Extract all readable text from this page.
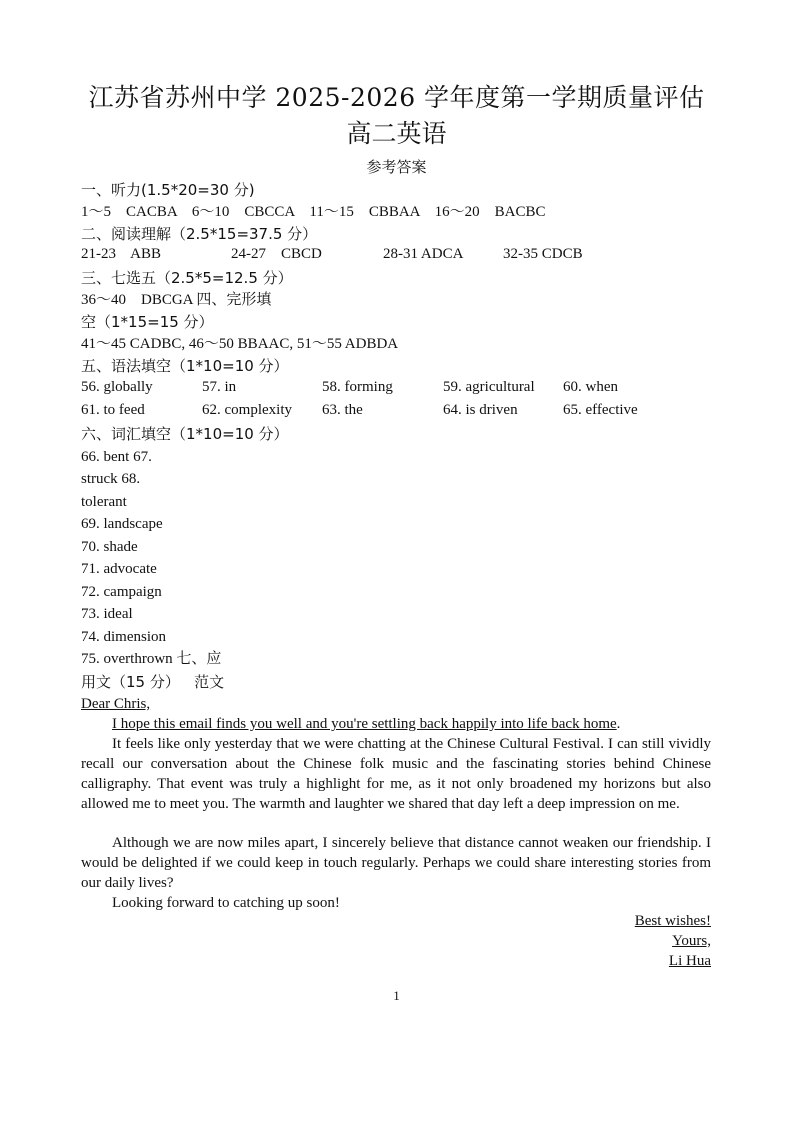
江苏省苏州中学 2025-2026 学年度第一学期质量评估
高二英语
参考答案
一、听力(1.5*20=30 分)
1～5    CACBA    6～10    CBCCA    11～15    CBBAA    16～20    BACBC
二、阅读理解（2.5*15=37.5 分）
21-23    ABB	24-27    CBCD	28-31 ADCA	32-35 CDCB
三、七选五（2.5*5=12.5 分）
36～40    DBCGA 四、完形填
空（1*15=15 分）
41～45 CADBC, 46～50 BBAAC, 51～55 ADBDA
五、语法填空（1*10=10 分）
56. globally	57. in	58. forming	59. agricultural 60. when
61. to feed	62. complexity 63. the	64. is driven	65. effective
六、词汇填空（1*10=10 分）
66. bent 67.
struck 68.
tolerant
69. landscape
70. shade
71. advocate
72. campaign
73. ideal
74. dimension
75. overthrown 七、应
用文（15 分）   范文
Dear Chris,
I hope this email finds you well and you're settling back happily into life back home.
It feels like only yesterday that we were chatting at the Chinese Cultural Festival. I can still vividly recall our conversation about the Chinese folk music and the fascinating stories behind Chinese calligraphy. That event was truly a highlight for me, as it not only broadened my horizons but also allowed me to meet you. The warmth and laughter we shared that day left a deep impression on me.
Although we are now miles apart, I sincerely believe that distance cannot weaken our friendship. I would be delighted if we could keep in touch regularly. Perhaps we could share interesting stories from our daily lives?
Looking forward to catching up soon!
Best wishes!
Yours,
Li Hua
1
